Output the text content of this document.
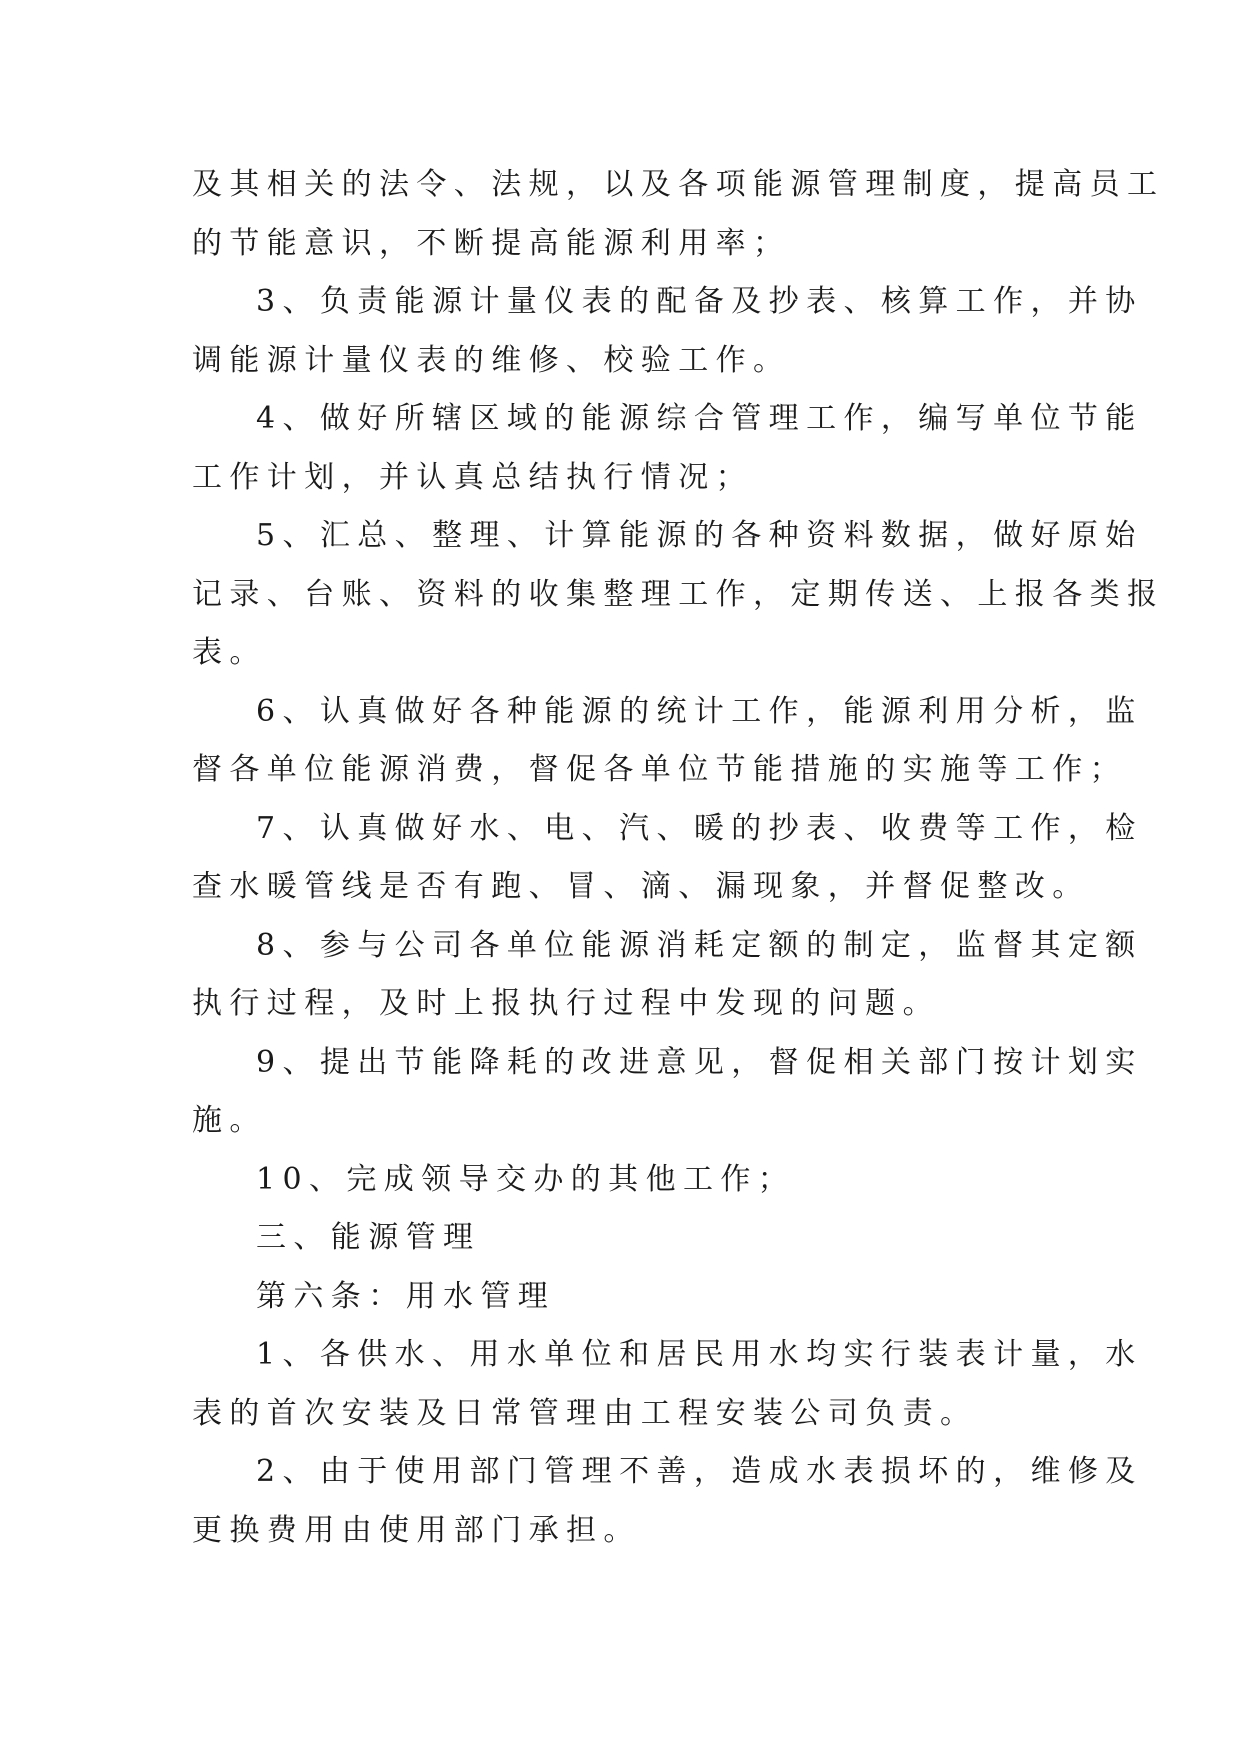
及其相关的法令、法规，以及各项能源管理制度，提高员工
的节能意识，不断提高能源利用率；
3、负责能源计量仪表的配备及抄表、核算工作，并协
调能源计量仪表的维修、校验工作。
4、做好所辖区域的能源综合管理工作，编写单位节能
工作计划，并认真总结执行情况；
5、汇总、整理、计算能源的各种资料数据，做好原始
记录、台账、资料的收集整理工作，定期传送、上报各类报
表。
6、认真做好各种能源的统计工作，能源利用分析，监
督各单位能源消费，督促各单位节能措施的实施等工作；
7、认真做好水、电、汽、暖的抄表、收费等工作，检
查水暖管线是否有跑、冒、滴、漏现象，并督促整改。
8、参与公司各单位能源消耗定额的制定，监督其定额
执行过程，及时上报执行过程中发现的问题。
9、提出节能降耗的改进意见，督促相关部门按计划实
施。
10、完成领导交办的其他工作；
三、能源管理
第六条：用水管理
1、各供水、用水单位和居民用水均实行装表计量，水
表的首次安装及日常管理由工程安装公司负责。
2、由于使用部门管理不善，造成水表损坏的，维修及
更换费用由使用部门承担。
